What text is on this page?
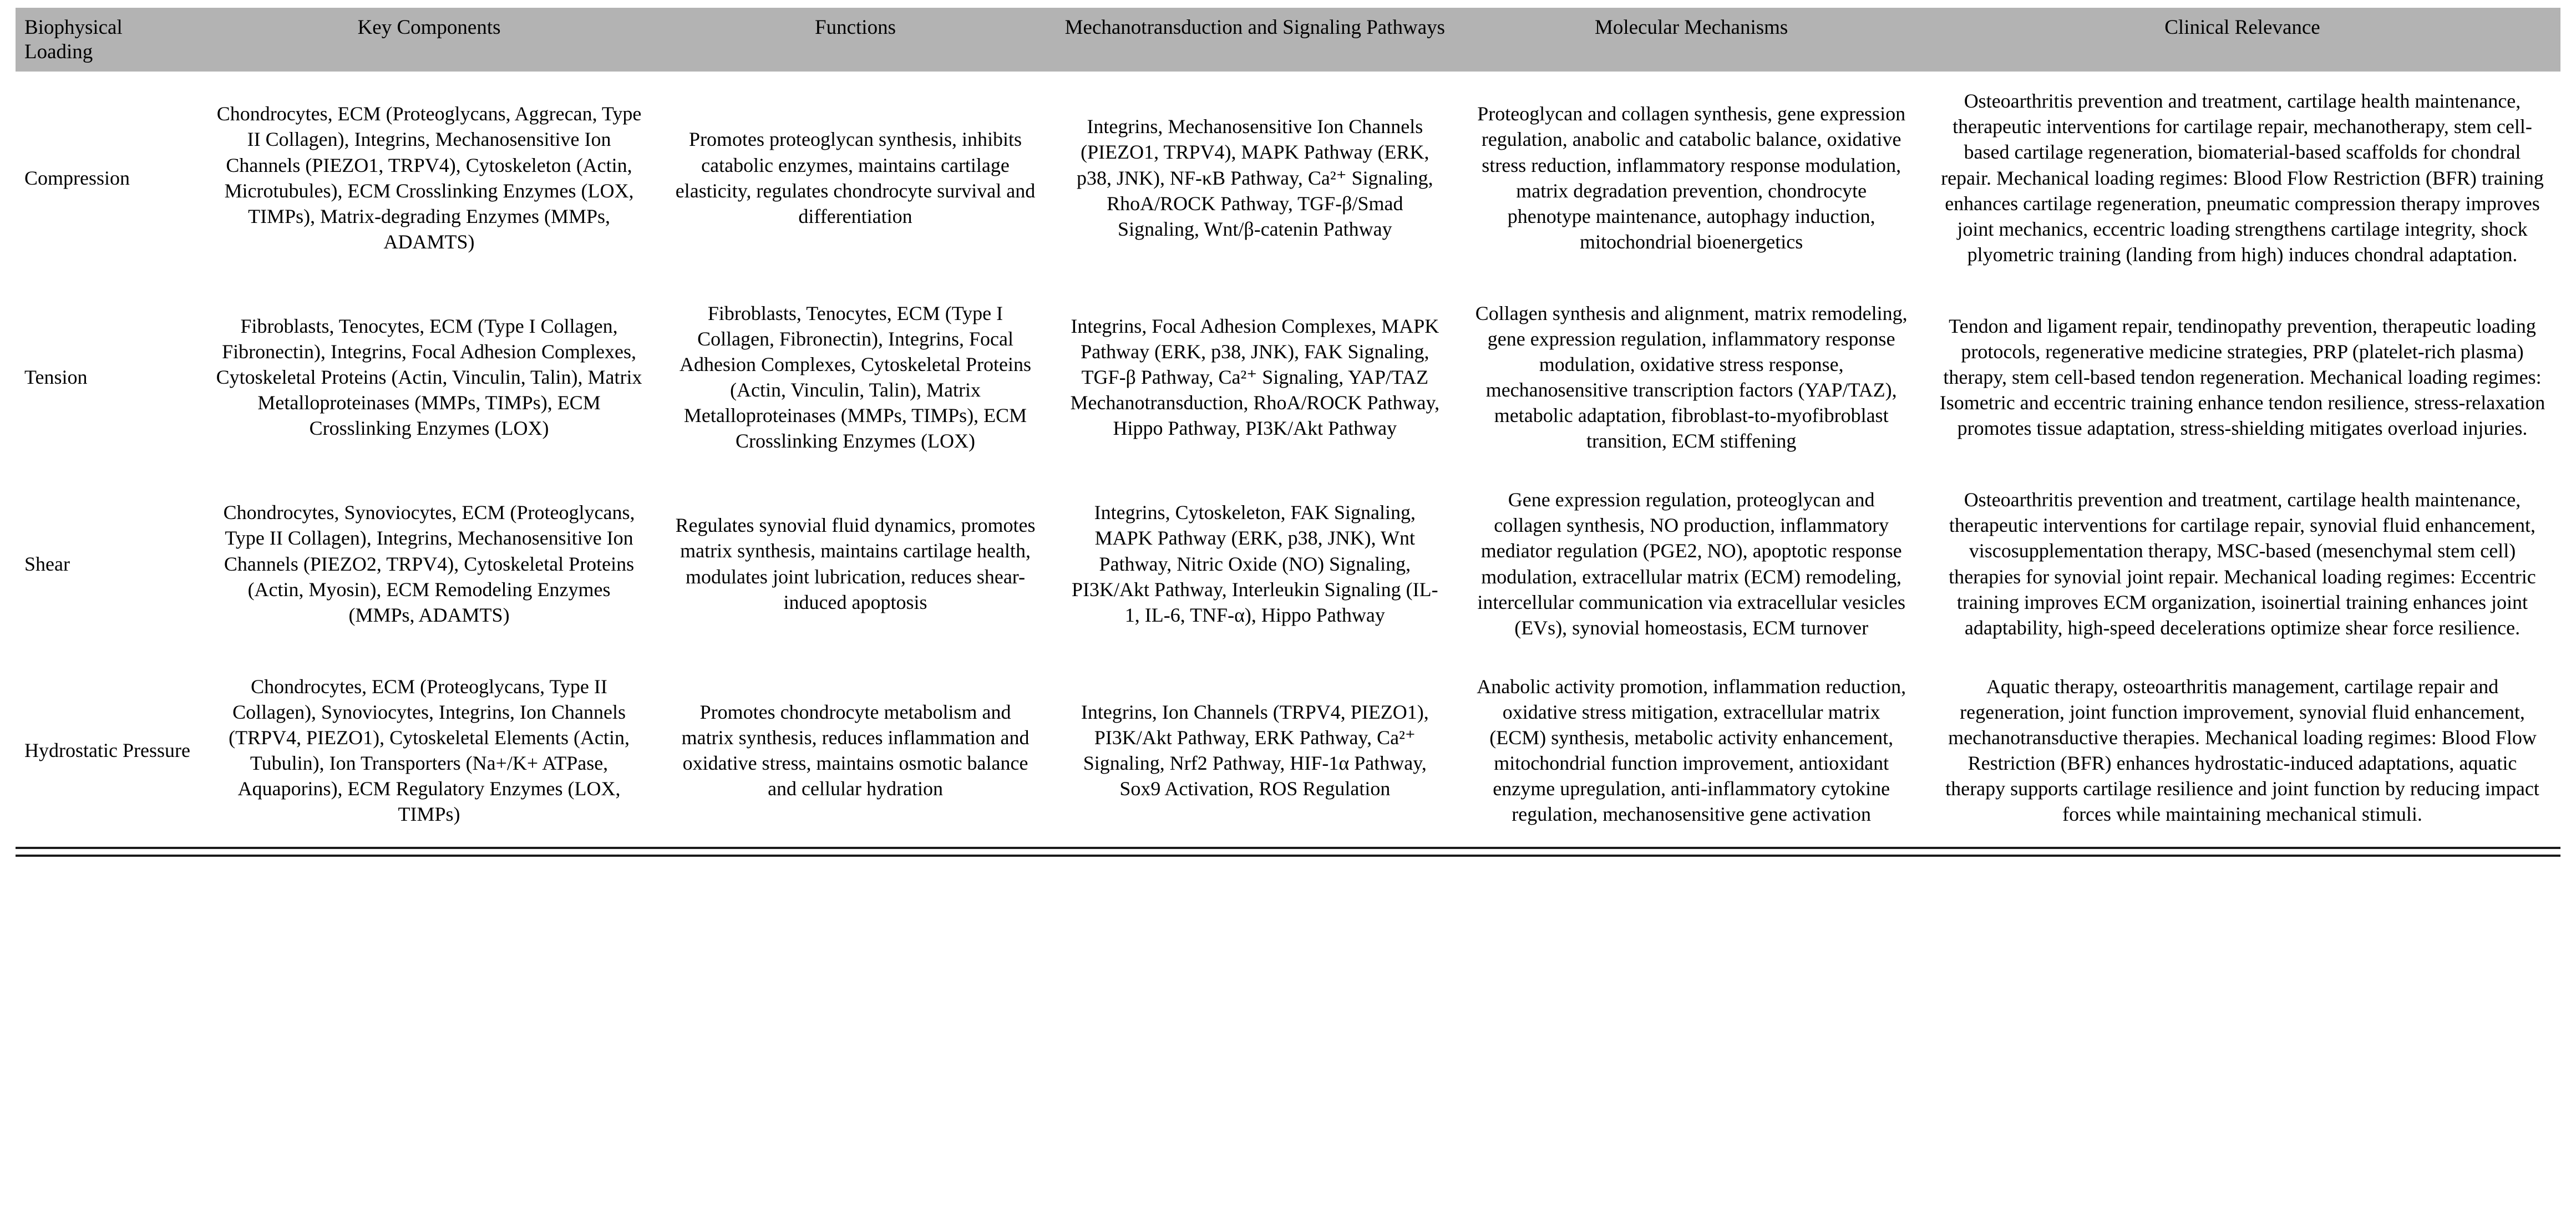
Biophysical Loading	Key Components	Functions	Mechanotransduction and Signaling Pathways	Molecular Mechanisms	Clinical Relevance
Compression	Chondrocytes, ECM (Proteoglycans, Aggrecan, Type II Collagen), Integrins, Mechanosensitive Ion Channels (PIEZO1, TRPV4), Cytoskeleton (Actin, Microtubules), ECM Crosslinking Enzymes (LOX, TIMPs), Matrix-degrading Enzymes (MMPs, ADAMTS)	Promotes proteoglycan synthesis, inhibits catabolic enzymes, maintains cartilage elasticity, regulates chondrocyte survival and differentiation	Integrins, Mechanosensitive Ion Channels (PIEZO1, TRPV4), MAPK Pathway (ERK, p38, JNK), NF-κB Pathway, Ca²⁺ Signaling, RhoA/ROCK Pathway, TGF-β/Smad Signaling, Wnt/β-catenin Pathway	Proteoglycan and collagen synthesis, gene expression regulation, anabolic and catabolic balance, oxidative stress reduction, inflammatory response modulation, matrix degradation prevention, chondrocyte phenotype maintenance, autophagy induction, mitochondrial bioenergetics	Osteoarthritis prevention and treatment, cartilage health maintenance, therapeutic interventions for cartilage repair, mechanotherapy, stem cell-based cartilage regeneration, biomaterial-based scaffolds for chondral repair. Mechanical loading regimes: Blood Flow Restriction (BFR) training enhances cartilage regeneration, pneumatic compression therapy improves joint mechanics, eccentric loading strengthens cartilage integrity, shock plyometric training (landing from high) induces chondral adaptation.
Tension	Fibroblasts, Tenocytes, ECM (Type I Collagen, Fibronectin), Integrins, Focal Adhesion Complexes, Cytoskeletal Proteins (Actin, Vinculin, Talin), Matrix Metalloproteinases (MMPs, TIMPs), ECM Crosslinking Enzymes (LOX)	Fibroblasts, Tenocytes, ECM (Type I Collagen, Fibronectin), Integrins, Focal Adhesion Complexes, Cytoskeletal Proteins (Actin, Vinculin, Talin), Matrix Metalloproteinases (MMPs, TIMPs), ECM Crosslinking Enzymes (LOX)	Integrins, Focal Adhesion Complexes, MAPK Pathway (ERK, p38, JNK), FAK Signaling, TGF-β Pathway, Ca²⁺ Signaling, YAP/TAZ Mechanotransduction, RhoA/ROCK Pathway, Hippo Pathway, PI3K/Akt Pathway	Collagen synthesis and alignment, matrix remodeling, gene expression regulation, inflammatory response modulation, oxidative stress response, mechanosensitive transcription factors (YAP/TAZ), metabolic adaptation, fibroblast-to-myofibroblast transition, ECM stiffening	Tendon and ligament repair, tendinopathy prevention, therapeutic loading protocols, regenerative medicine strategies, PRP (platelet-rich plasma) therapy, stem cell-based tendon regeneration. Mechanical loading regimes: Isometric and eccentric training enhance tendon resilience, stress-relaxation promotes tissue adaptation, stress-shielding mitigates overload injuries.
Shear	Chondrocytes, Synoviocytes, ECM (Proteoglycans, Type II Collagen), Integrins, Mechanosensitive Ion Channels (PIEZO2, TRPV4), Cytoskeletal Proteins (Actin, Myosin), ECM Remodeling Enzymes (MMPs, ADAMTS)	Regulates synovial fluid dynamics, promotes matrix synthesis, maintains cartilage health, modulates joint lubrication, reduces shear-induced apoptosis	Integrins, Cytoskeleton, FAK Signaling, MAPK Pathway (ERK, p38, JNK), Wnt Pathway, Nitric Oxide (NO) Signaling, PI3K/Akt Pathway, Interleukin Signaling (IL-1, IL-6, TNF-α), Hippo Pathway	Gene expression regulation, proteoglycan and collagen synthesis, NO production, inflammatory mediator regulation (PGE2, NO), apoptotic response modulation, extracellular matrix (ECM) remodeling, intercellular communication via extracellular vesicles (EVs), synovial homeostasis, ECM turnover	Osteoarthritis prevention and treatment, cartilage health maintenance, therapeutic interventions for cartilage repair, synovial fluid enhancement, viscosupplementation therapy, MSC-based (mesenchymal stem cell) therapies for synovial joint repair. Mechanical loading regimes: Eccentric training improves ECM organization, isoinertial training enhances joint adaptability, high-speed decelerations optimize shear force resilience.
Hydrostatic Pressure	Chondrocytes, ECM (Proteoglycans, Type II Collagen), Synoviocytes, Integrins, Ion Channels (TRPV4, PIEZO1), Cytoskeletal Elements (Actin, Tubulin), Ion Transporters (Na+/K+ ATPase, Aquaporins), ECM Regulatory Enzymes (LOX, TIMPs)	Promotes chondrocyte metabolism and matrix synthesis, reduces inflammation and oxidative stress, maintains osmotic balance and cellular hydration	Integrins, Ion Channels (TRPV4, PIEZO1), PI3K/Akt Pathway, ERK Pathway, Ca²⁺ Signaling, Nrf2 Pathway, HIF-1α Pathway, Sox9 Activation, ROS Regulation	Anabolic activity promotion, inflammation reduction, oxidative stress mitigation, extracellular matrix (ECM) synthesis, metabolic activity enhancement, mitochondrial function improvement, antioxidant enzyme upregulation, anti-inflammatory cytokine regulation, mechanosensitive gene activation	Aquatic therapy, osteoarthritis management, cartilage repair and regeneration, joint function improvement, synovial fluid enhancement, mechanotransductive therapies. Mechanical loading regimes: Blood Flow Restriction (BFR) enhances hydrostatic-induced adaptations, aquatic therapy supports cartilage resilience and joint function by reducing impact forces while maintaining mechanical stimuli.
